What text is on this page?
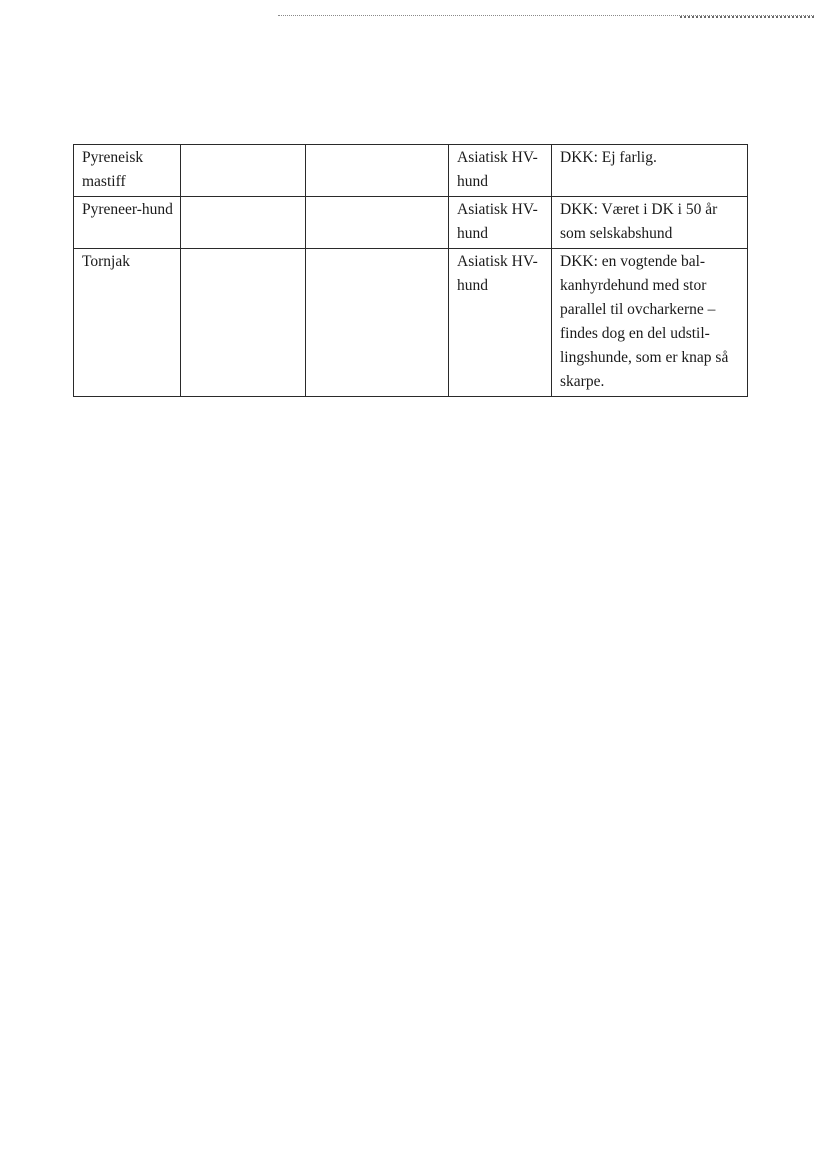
Pyreneisk mastiff			Asiatisk HV-hund	DKK: Ej farlig.
Pyreneer-hund			Asiatisk HV-hund	DKK: Været i DK i 50 år som selskabshund
Tornjak			Asiatisk HV-hund	DKK: en vogtende bal-kanhyrdehund med stor parallel til ovcharkerne – findes dog en del udstil-lingshunde, som er knap så skarpe.
